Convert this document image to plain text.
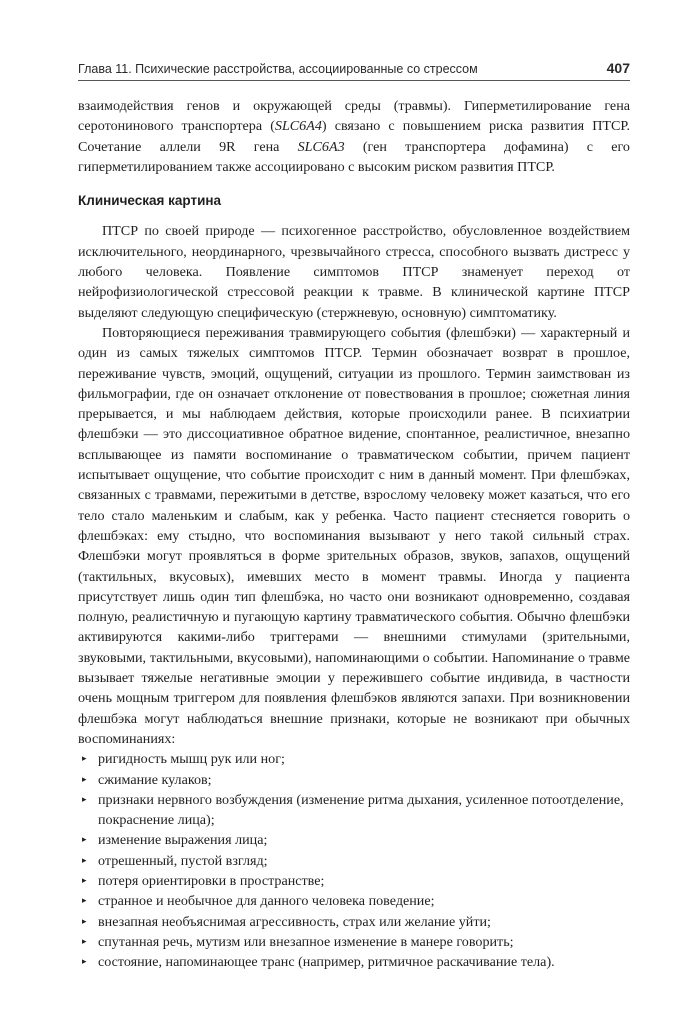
Глава 11. Психические расстройства, ассоциированные со стрессом	407

взаимодействия генов и окружающей среды (травмы). Гиперметилирование гена серотонинового транспортера (SLC6A4) связано с повышением риска развития ПТСР. Сочетание аллели 9R гена SLC6A3 (ген транспортера дофамина) с его гиперметилированием также ассоциировано с высоким риском развития ПТСР.

Клиническая картина

ПТСР по своей природе — психогенное расстройство, обусловленное воздействием исключительного, неординарного, чрезвычайного стресса, способного вызвать дистресс у любого человека. Появление симптомов ПТСР знаменует переход от нейрофизиологической стрессовой реакции к травме. В клинической картине ПТСР выделяют следующую специфическую (стержневую, основную) симптоматику.

Повторяющиеся переживания травмирующего события (флешбэки) — характерный и один из самых тяжелых симптомов ПТСР. Термин обозначает возврат в прошлое, переживание чувств, эмоций, ощущений, ситуации из прошлого. Термин заимствован из фильмографии, где он означает отклонение от повествования в прошлое; сюжетная линия прерывается, и мы наблюдаем действия, которые происходили ранее. В психиатрии флешбэки — это диссоциативное обратное видение, спонтанное, реалистичное, внезапно всплывающее из памяти воспоминание о травматическом событии, причем пациент испытывает ощущение, что событие происходит с ним в данный момент. При флешбэках, связанных с травмами, пережитыми в детстве, взрослому человеку может казаться, что его тело стало маленьким и слабым, как у ребенка. Часто пациент стесняется говорить о флешбэках: ему стыдно, что воспоминания вызывают у него такой сильный страх. Флешбэки могут проявляться в форме зрительных образов, звуков, запахов, ощущений (тактильных, вкусовых), имевших место в момент травмы. Иногда у пациента присутствует лишь один тип флешбэка, но часто они возникают одновременно, создавая полную, реалистичную и пугающую картину травматического события. Обычно флешбэки активируются какими-либо триггерами — внешними стимулами (зрительными, звуковыми, тактильными, вкусовыми), напоминающими о событии. Напоминание о травме вызывает тяжелые негативные эмоции у пережившего событие индивида, в частности очень мощным триггером для появления флешбэков являются запахи. При возникновении флешбэка могут наблюдаться внешние признаки, которые не возникают при обычных воспоминаниях:

▸ ригидность мышц рук или ног;
▸ сжимание кулаков;
▸ признаки нервного возбуждения (изменение ритма дыхания, усиленное потоотделение, покраснение лица);
▸ изменение выражения лица;
▸ отрешенный, пустой взгляд;
▸ потеря ориентировки в пространстве;
▸ странное и необычное для данного человека поведение;
▸ внезапная необъяснимая агрессивность, страх или желание уйти;
▸ спутанная речь, мутизм или внезапное изменение в манере говорить;
▸ состояние, напоминающее транс (например, ритмичное раскачивание тела).
